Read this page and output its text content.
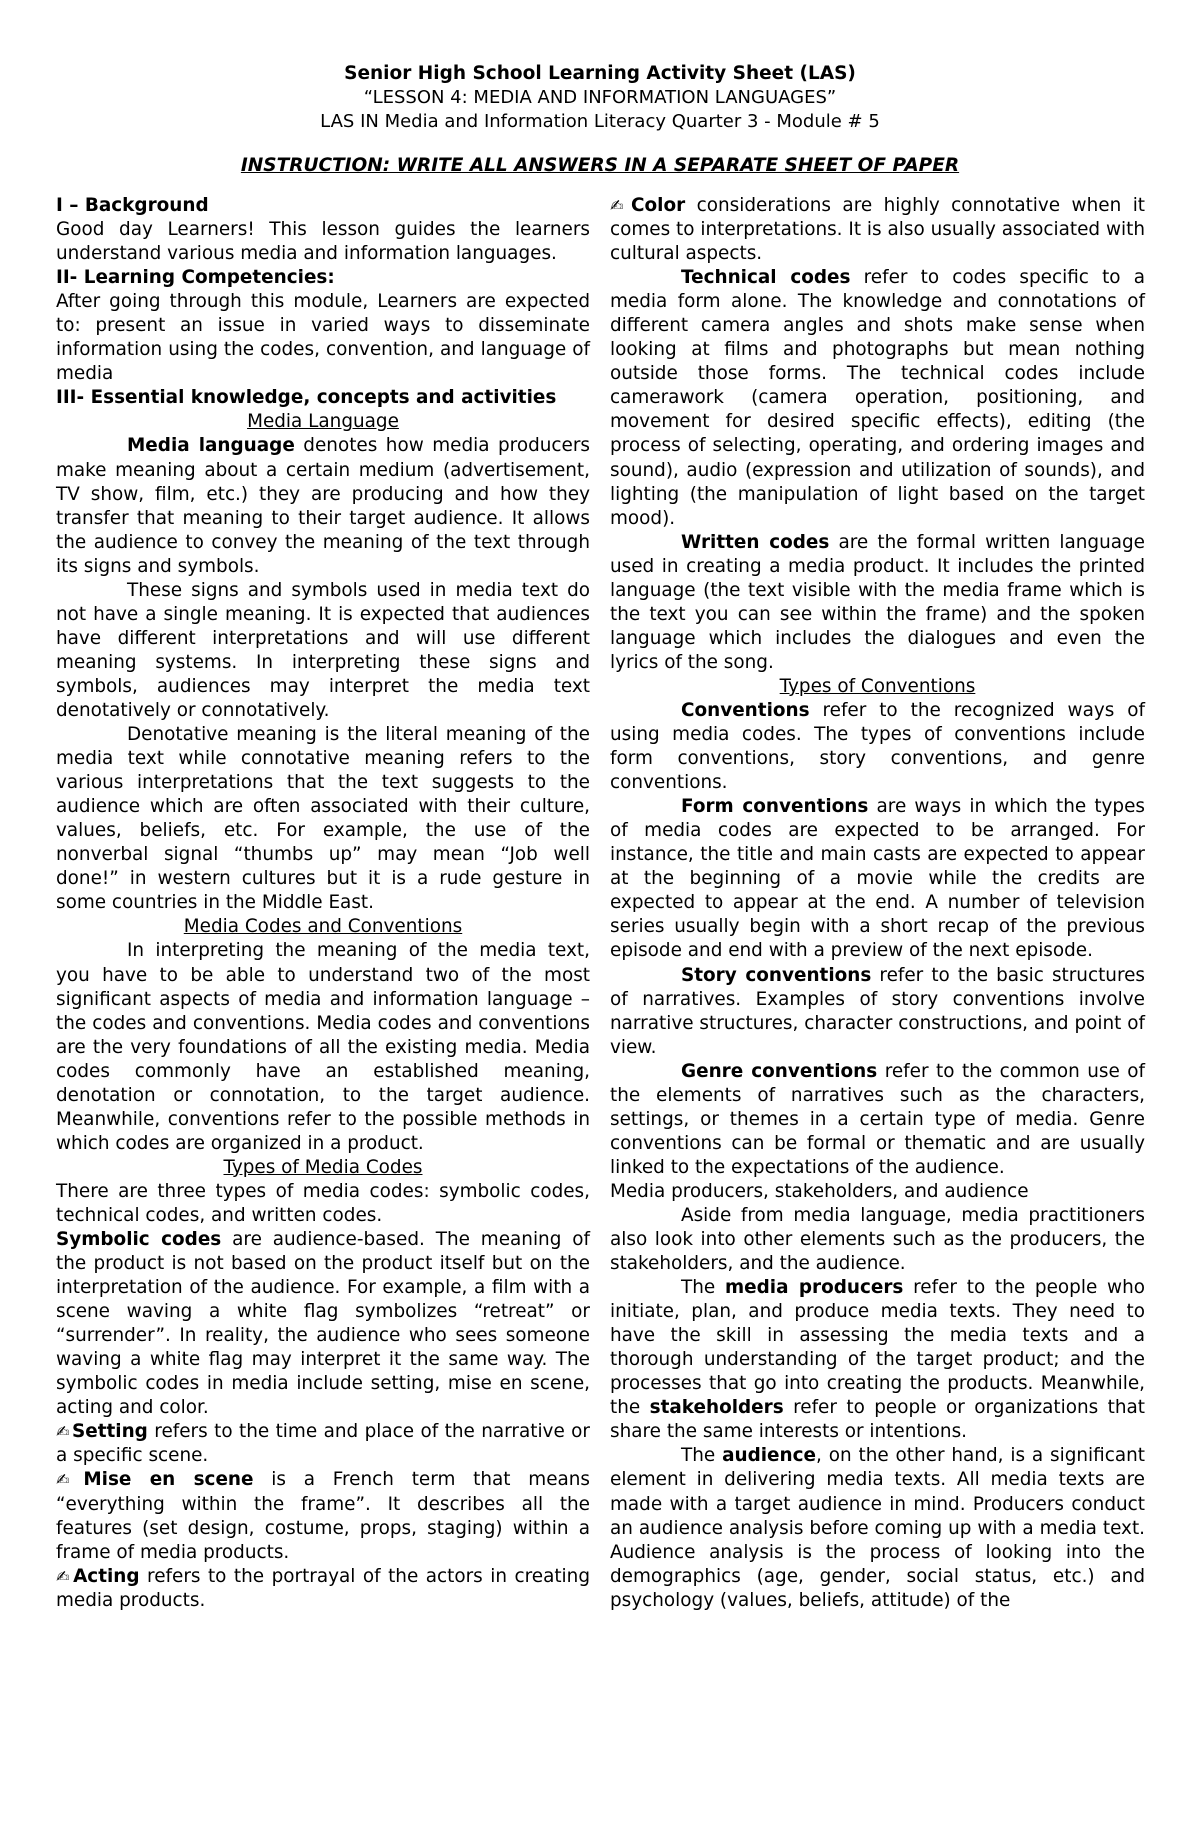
Senior High School Learning Activity Sheet (LAS)
“LESSON 4: MEDIA AND INFORMATION LANGUAGES”
LAS IN Media and Information Literacy Quarter 3 - Module # 5
INSTRUCTION: WRITE ALL ANSWERS IN A SEPARATE SHEET OF PAPER

I – Background

Good day Learners! This lesson guides the learners understand various media and information languages.

II- Learning Competencies:

After going through this module, Learners are expected to: present an issue in varied ways to disseminate information using the codes, convention, and language of media

III- Essential knowledge, concepts and activities

Media Language

Media language denotes how media producers make meaning about a certain medium (advertisement, TV show, film, etc.) they are producing and how they transfer that meaning to their target audience. It allows the audience to convey the meaning of the text through its signs and symbols.

These signs and symbols used in media text do not have a single meaning. It is expected that audiences have different interpretations and will use different meaning systems. In interpreting these signs and symbols, audiences may interpret the media text denotatively or connotatively.

Denotative meaning is the literal meaning of the media text while connotative meaning refers to the various interpretations that the text suggests to the audience which are often associated with their culture, values, beliefs, etc. For example, the use of the nonverbal signal “thumbs up” may mean “Job well done!” in western cultures but it is a rude gesture in some countries in the Middle East.

Media Codes and Conventions

In interpreting the meaning of the media text, you have to be able to understand two of the most significant aspects of media and information language – the codes and conventions. Media codes and conventions are the very foundations of all the existing media. Media codes commonly have an established meaning, denotation or connotation, to the target audience. Meanwhile, conventions refer to the possible methods in which codes are organized in a product.

Types of Media Codes

There are three types of media codes: symbolic codes, technical codes, and written codes.

Symbolic codes are audience-based. The meaning of the product is not based on the product itself but on the interpretation of the audience. For example, a film with a scene waving a white flag symbolizes “retreat” or “surrender”. In reality, the audience who sees someone waving a white flag may interpret it the same way. The symbolic codes in media include setting, mise en scene, acting and color.

✍ Setting refers to the time and place of the narrative or a specific scene.

✍ Mise en scene is a French term that means “everything within the frame”. It describes all the features (set design, costume, props, staging) within a frame of media products.

✍ Acting refers to the portrayal of the actors in creating media products.

✍ Color considerations are highly connotative when it comes to interpretations. It is also usually associated with cultural aspects.

Technical codes refer to codes specific to a media form alone. The knowledge and connotations of different camera angles and shots make sense when looking at films and photographs but mean nothing outside those forms. The technical codes include camerawork (camera operation, positioning, and movement for desired specific effects), editing (the process of selecting, operating, and ordering images and sound), audio (expression and utilization of sounds), and lighting (the manipulation of light based on the target mood).

Written codes are the formal written language used in creating a media product. It includes the printed language (the text visible with the media frame which is the text you can see within the frame) and the spoken language which includes the dialogues and even the lyrics of the song.

Types of Conventions

Conventions refer to the recognized ways of using media codes. The types of conventions include form conventions, story conventions, and genre conventions.

Form conventions are ways in which the types of media codes are expected to be arranged. For instance, the title and main casts are expected to appear at the beginning of a movie while the credits are expected to appear at the end. A number of television series usually begin with a short recap of the previous episode and end with a preview of the next episode.

Story conventions refer to the basic structures of narratives. Examples of story conventions involve narrative structures, character constructions, and point of view.

Genre conventions refer to the common use of the elements of narratives such as the characters, settings, or themes in a certain type of media. Genre conventions can be formal or thematic and are usually linked to the expectations of the audience.

Media producers, stakeholders, and audience

Aside from media language, media practitioners also look into other elements such as the producers, the stakeholders, and the audience.

The media producers refer to the people who initiate, plan, and produce media texts. They need to have the skill in assessing the media texts and a thorough understanding of the target product; and the processes that go into creating the products. Meanwhile, the stakeholders refer to people or organizations that share the same interests or intentions.

The audience, on the other hand, is a significant element in delivering media texts. All media texts are made with a target audience in mind. Producers conduct an audience analysis before coming up with a media text. Audience analysis is the process of looking into the demographics (age, gender, social status, etc.) and psychology (values, beliefs, attitude) of the
